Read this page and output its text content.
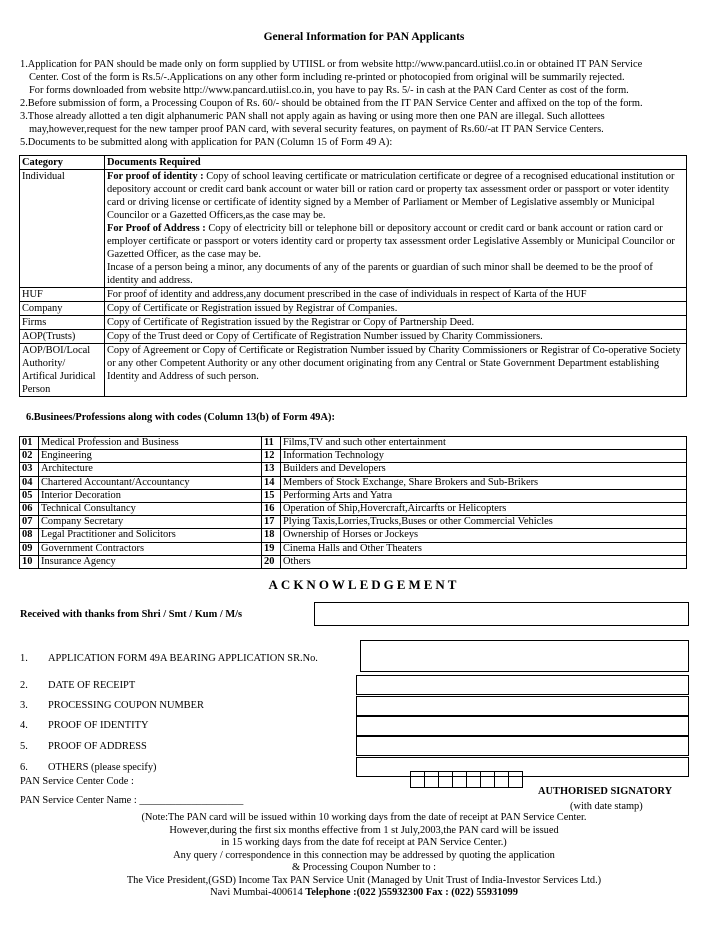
General Information for PAN Applicants
1.Application for PAN should be made only on form supplied by UTIISL or from website http://www.pancard.utiisl.co.in or obtained IT PAN Service
Center. Cost of the form is Rs.5/-.Applications on any other form including re-printed or photocopied from original will be summarily rejected.
For forms downloaded from website http://www.pancard.utiisl.co.in, you have to pay Rs. 5/- in cash at the PAN Card Center as cost of the form.
2.Before submission of form, a Processing Coupon of Rs. 60/- should be obtained from the IT PAN Service Center and affixed on the top of the form.
3.Those already allotted a ten digit alphanumeric PAN shall not apply again as having or using more then one PAN are illegal. Such allottees
may,however,request for the new tamper proof PAN card, with several security features, on payment of Rs.60/-at IT PAN Service Centers.
5.Documents to be submitted along with application for PAN (Column 15 of Form 49 A):
Category	Documents Required
Individual	For proof of identity : Copy of school leaving certificate or matriculation certificate or degree of a recognised educational institution or depository account or credit card bank account or water bill or ration card or property tax assessment order or passport or voter identity card or driving license or certificate of identity signed by a Member of Parliament or Member of Legislative assembly or Municipal Councilor or a Gazetted Officers,as the case may be.
For Proof of Address : Copy of electricity bill or telephone bill or depository account or credit card or bank account or ration card or employer certificate or passport or voters identity card or property tax assessment order Legislative Assembly or Municipal Councilor or Gazetted Officer, as the case may be.
Incase of a person being a minor, any documents of any of the parents or guardian of such minor shall be deemed to be the proof of identity and address.
HUF	For proof of identity and address,any document prescribed in the case of individuals in respect of Karta of the HUF
Company	Copy of Certificate or Registration issued by Registrar of Companies.
Firms	Copy of Certificate of Registration issued by the Registrar or Copy of Partnership Deed.
AOP(Trusts)	Copy of the Trust deed or Copy of Certificate of Registration Number issued by Charity Commissioners.
AOP/BOI/Local Authority/ Artifical Juridical Person	Copy of Agreement or Copy of Certificate or Registration Number issued by Charity Commissioners or Registrar of Co-operative Society or any other Competent Authority or any other document originating from any Central or State Government Department establishing Identity and Address of such person.
6.Businees/Professions along with codes (Column 13(b) of Form 49A):
01	Medical Profession and Business	11	Films,TV and such other entertainment
02	Engineering	12	Information Technology
03	Architecture	13	Builders and Developers
04	Chartered Accountant/Accountancy	14	Members of Stock Exchange, Share Brokers and Sub-Brikers
05	Interior Decoration	15	Performing Arts and Yatra
06	Technical Consultancy	16	Operation of Ship,Hovercraft,Aircarfts or Helicopters
07	Company Secretary	17	Plying Taxis,Lorries,Trucks,Buses or other Commercial Vehicles
08	Legal Practitioner and Solicitors	18	Ownership of Horses or Jockeys
09	Government Contractors	19	Cinema Halls and Other Theaters
10	Insurance Agency	20	Others
ACKNOWLEDGEMENT
Received with thanks from Shri / Smt / Kum / M/s
1. APPLICATION FORM 49A BEARING APPLICATION SR.No.
2. DATE OF RECEIPT
3. PROCESSING COUPON NUMBER
4. PROOF OF IDENTITY
5. PROOF OF ADDRESS
6. OTHERS (please specify)
PAN Service Center Code :
PAN Service Center Name : ____________________
AUTHORISED SIGNATORY
(with date stamp)
(Note:The PAN card will be issued within 10 working days from the date of receipt at PAN Service Center.
However,during the first six months effective from 1 st July,2003,the PAN card will be issued
in 15 working days from the date fof receipt at PAN Service Center.)
Any query / correspondence in this connection may be addressed by quoting the application
& Processing Coupon Number to :
The Vice President,(GSD) Income Tax PAN Service Unit (Managed by Unit Trust of India-Investor Services Ltd.)
Navi Mumbai-400614 Telephone :(022 )55932300 Fax : (022) 55931099
